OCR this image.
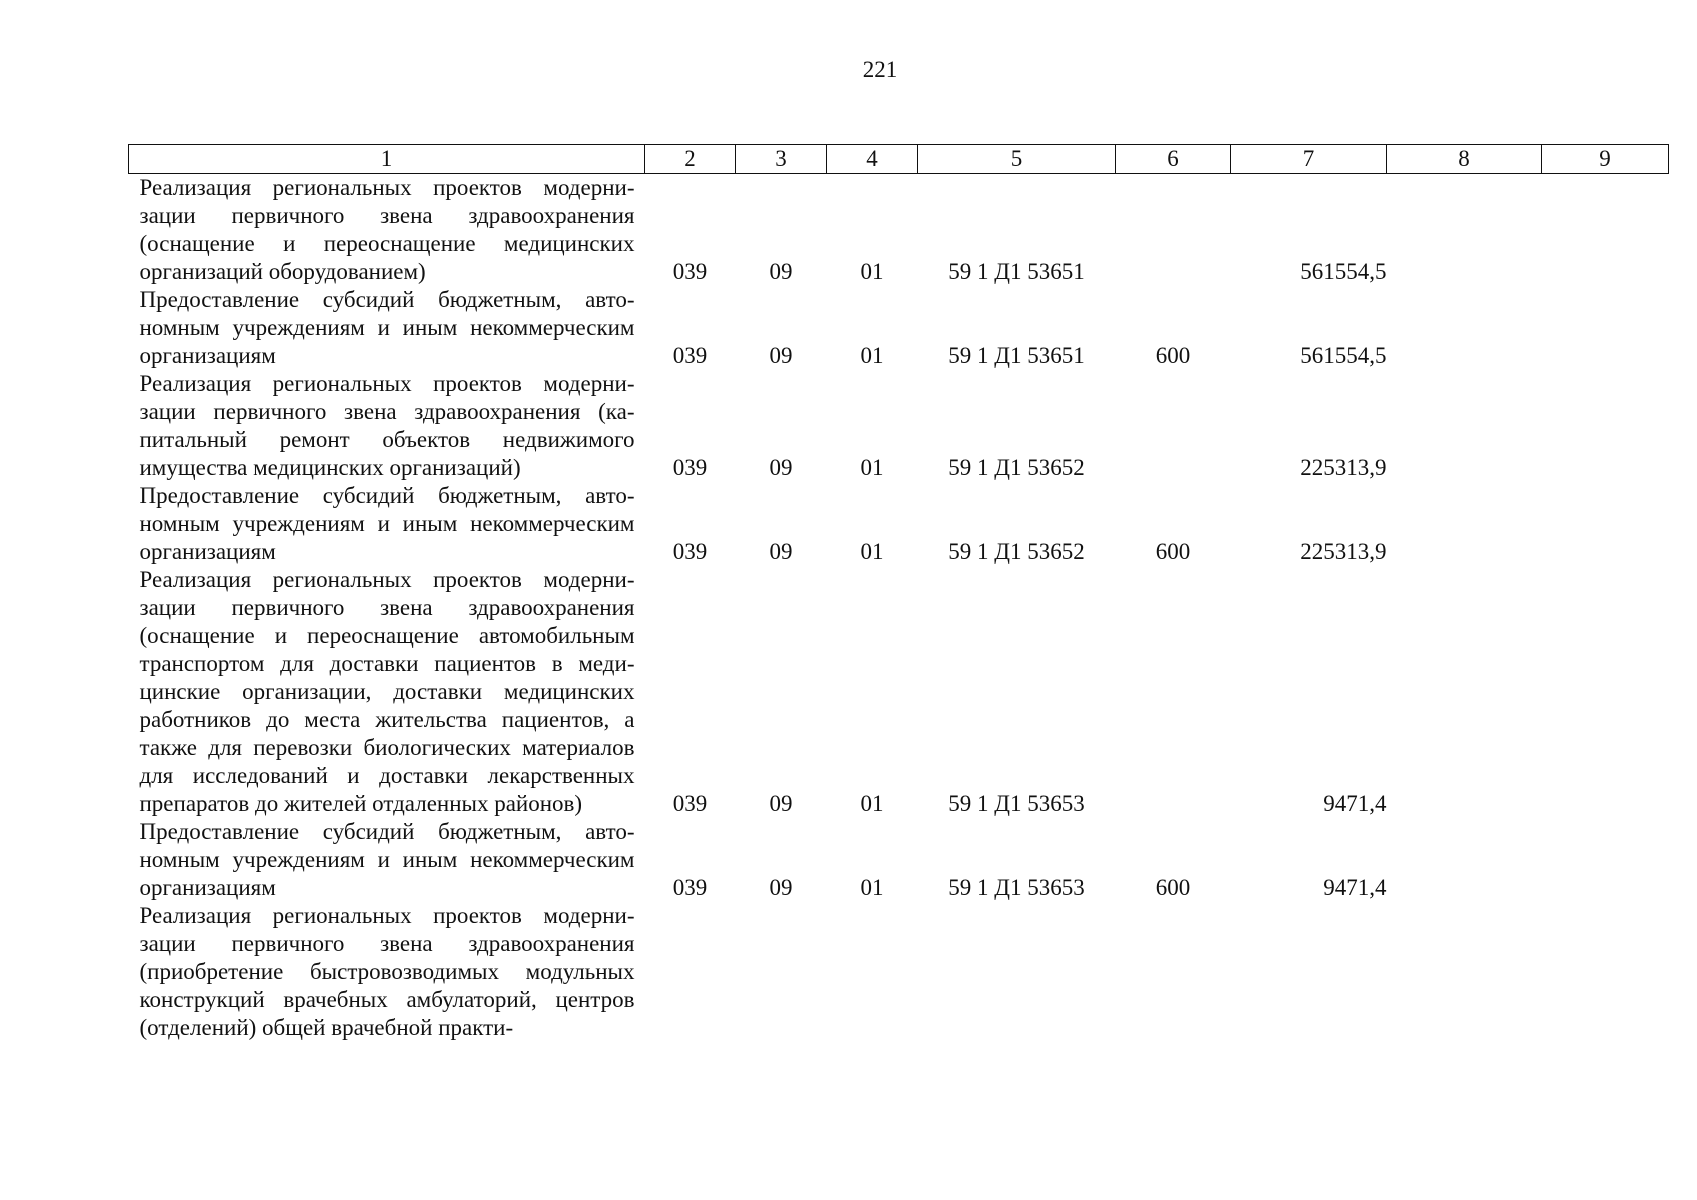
221
1	2	3	4	5	6	7	8	9
Реализация региональных проектов модернизации первичного звена здравоохранения (оснащение и переоснащение медицинских организаций оборудованием)	039	09	01	59 1 Д1 53651		561554,5		
Предоставление субсидий бюджетным, автономным учреждениям и иным некоммерческим организациям	039	09	01	59 1 Д1 53651	600	561554,5		
Реализация региональных проектов модернизации первичного звена здравоохранения (капитальный ремонт объектов недвижимого имущества медицинских организаций)	039	09	01	59 1 Д1 53652		225313,9		
Предоставление субсидий бюджетным, автономным учреждениям и иным некоммерческим организациям	039	09	01	59 1 Д1 53652	600	225313,9		
Реализация региональных проектов модернизации первичного звена здравоохранения (оснащение и переоснащение автомобильным транспортом для доставки пациентов в медицинские организации, доставки медицинских работников до места жительства пациентов, а также для перевозки биологических материалов для исследований и доставки лекарственных препаратов до жителей отдаленных районов)	039	09	01	59 1 Д1 53653		9471,4		
Предоставление субсидий бюджетным, автономным учреждениям и иным некоммерческим организациям	039	09	01	59 1 Д1 53653	600	9471,4		
Реализация региональных проектов модернизации первичного звена здравоохранения (приобретение быстровозводимых модульных конструкций врачебных амбулаторий, центров (отделений) общей врачебной практи-								
